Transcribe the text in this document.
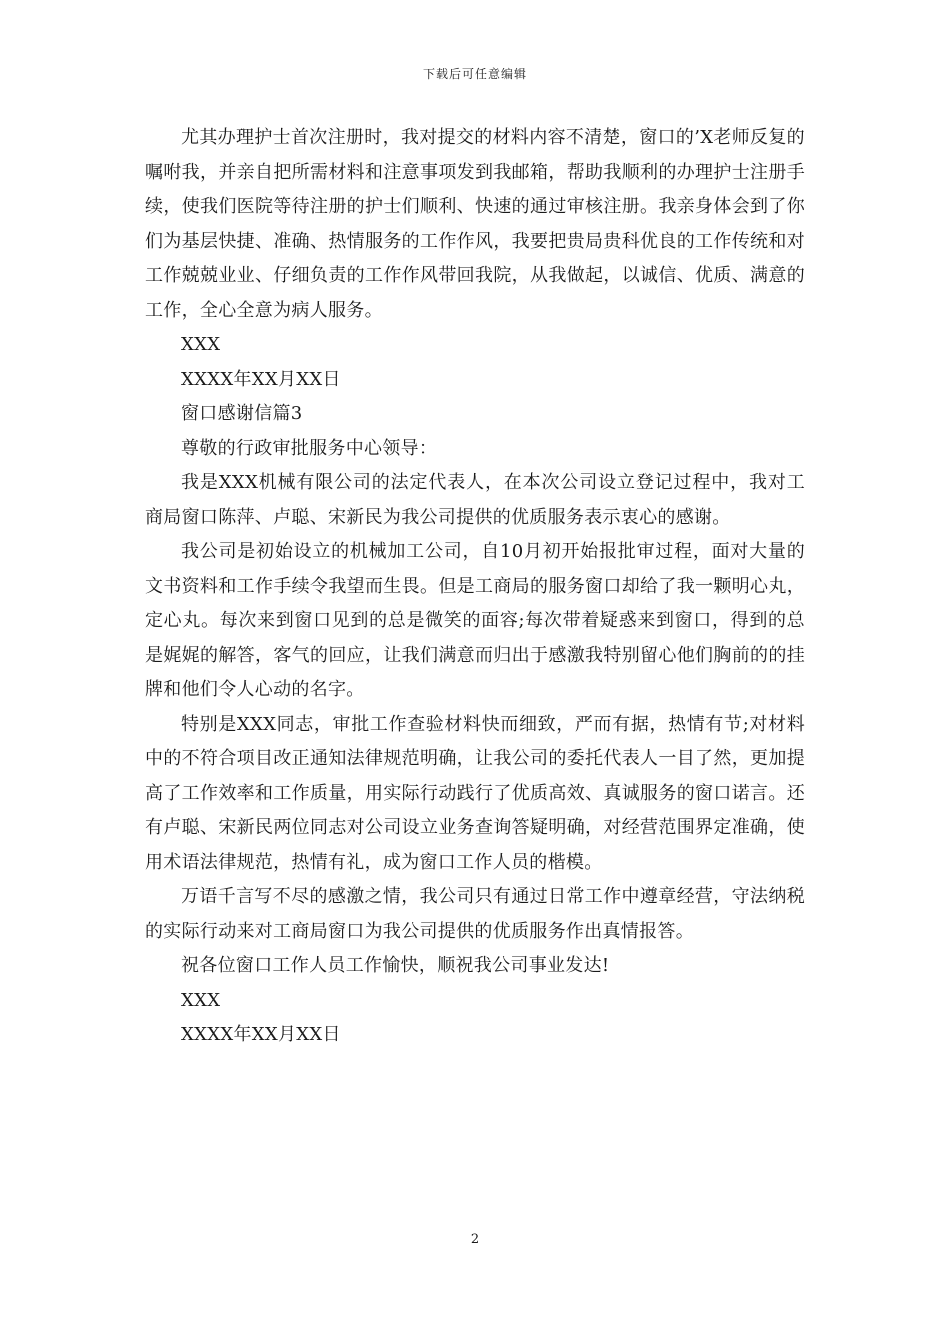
下载后可任意编辑

尤其办理护士首次注册时，我对提交的材料内容不清楚，窗口的’X老师反复的嘱咐我，并亲自把所需材料和注意事项发到我邮箱，帮助我顺利的办理护士注册手续，使我们医院等待注册的护士们顺利、快速的通过审核注册。我亲身体会到了你们为基层快捷、准确、热情服务的工作作风，我要把贵局贵科优良的工作传统和对工作兢兢业业、仔细负责的工作作风带回我院，从我做起，以诚信、优质、满意的工作，全心全意为病人服务。

XXX

XXXX年XX月XX日

窗口感谢信篇3

尊敬的行政审批服务中心领导：

我是XXX机械有限公司的法定代表人，在本次公司设立登记过程中，我对工商局窗口陈萍、卢聪、宋新民为我公司提供的优质服务表示衷心的感谢。

我公司是初始设立的机械加工公司，自10月初开始报批审过程，面对大量的文书资料和工作手续令我望而生畏。但是工商局的服务窗口却给了我一颗明心丸，定心丸。每次来到窗口见到的总是微笑的面容;每次带着疑惑来到窗口，得到的总是娓娓的解答，客气的回应，让我们满意而归出于感激我特别留心他们胸前的的挂牌和他们令人心动的名字。

特别是XXX同志，审批工作查验材料快而细致，严而有据，热情有节;对材料中的不符合项目改正通知法律规范明确，让我公司的委托代表人一目了然，更加提高了工作效率和工作质量，用实际行动践行了优质高效、真诚服务的窗口诺言。还有卢聪、宋新民两位同志对公司设立业务查询答疑明确，对经营范围界定准确，使用术语法律规范，热情有礼，成为窗口工作人员的楷模。

万语千言写不尽的感激之情，我公司只有通过日常工作中遵章经营，守法纳税的实际行动来对工商局窗口为我公司提供的优质服务作出真情报答。

祝各位窗口工作人员工作愉快，顺祝我公司事业发达!

XXX

XXXX年XX月XX日

2
